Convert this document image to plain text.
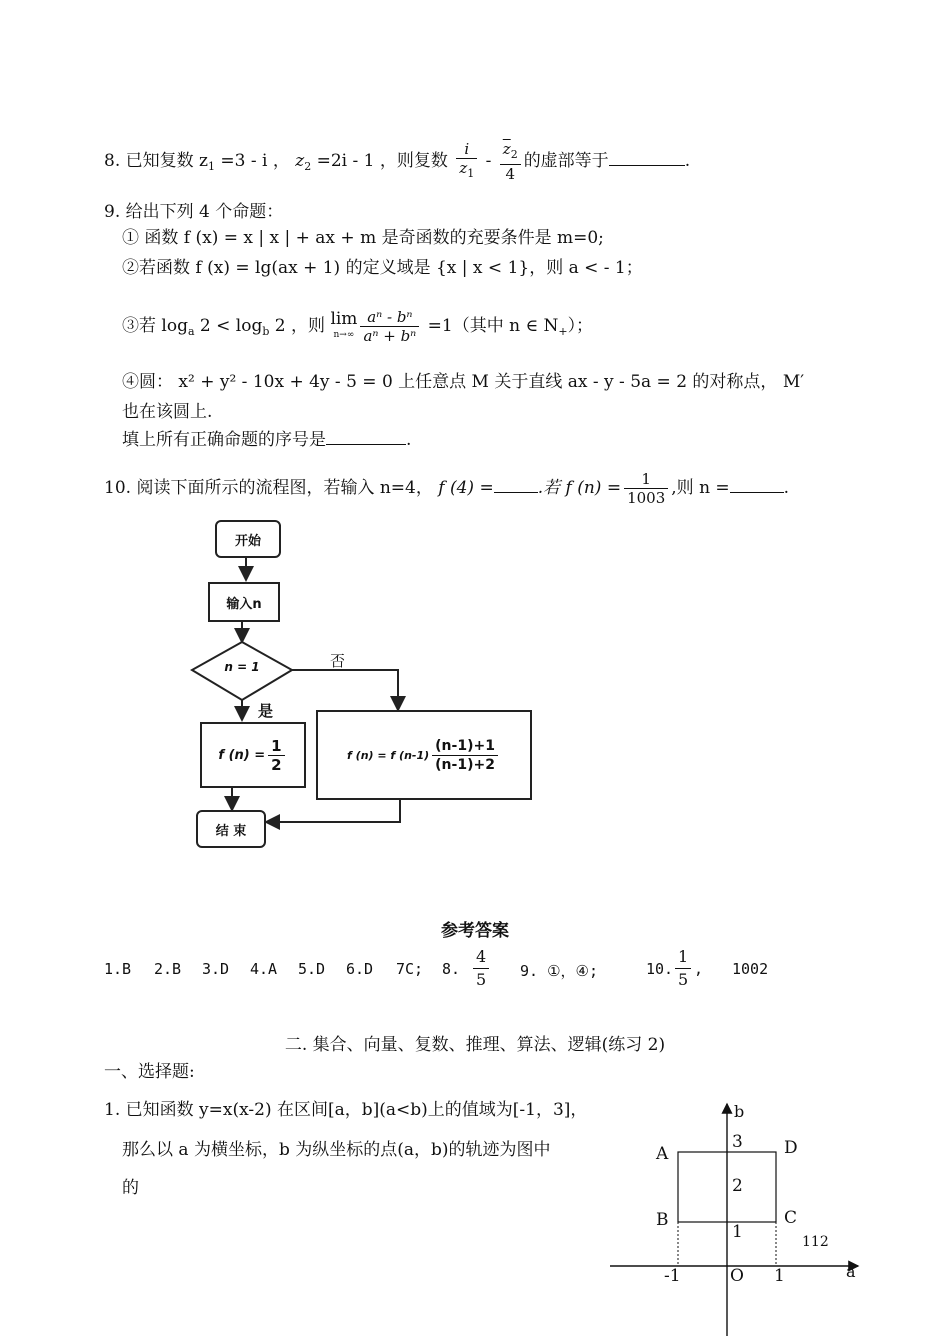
8. 已知复数 $z_1 =3 - i$ ， $z_2 =2i - 1$ ，则复数 $\frac{i}{z_1} - \frac{\overline{z}_2}{4}$ 的虚部等于	.
9. 给出下列 4 个命题：
① 函数 f (x) = x | x | + ax + m 是奇函数的充要条件是 m=0;
②若函数 f (x) = lg(ax + 1) 的定义域是 {x | x < 1}，则 a < - 1；
③若 $\log_a 2 < \log_b 2$ ，则 lim
$n\to\infty \frac{\text{aⁿ - bⁿ}}{\text{aⁿ + bⁿ}} =1$（其中 n ∈ $N_+$）；
④圆： x² + y² - 10x + 4y - 5 = 0 上任意点 M 关于直线 ax - y - 5a = 2 的对称点， M′
也在该圆上.
填上所有正确命题的序号是	.
10. 阅读下面所示的流程图，若输入 n=4， f (4) =	.若 f $(n) = \frac{1}{1003}$ ,则 n =	.
开始
输入n
n = 1	否
是
f $(n) = \frac{1}{2}$	f (n) = f $(n-1) \frac{(n-1)+1}{(n-1)+2}$
结 束
参考答案
1.B 2.B 3.D 4.A 5.D 6.D 7C; 8. $\frac{4}{5} 9$. ①，④;	10. $\frac{1}{5}$ , 1002
二. 集合、向量、复数、推理、算法、逻辑(练习 2)
一、选择题:
1. 已知函数 y=x(x-2) 在区间[a，b](a<b)上的值域为[-1，3]，
那么以 a 为横坐标，b 为纵坐标的点(a，b)的轨迹为图中
的
b
a
A
B	C
D
3
2
1
-1	O 1
112
